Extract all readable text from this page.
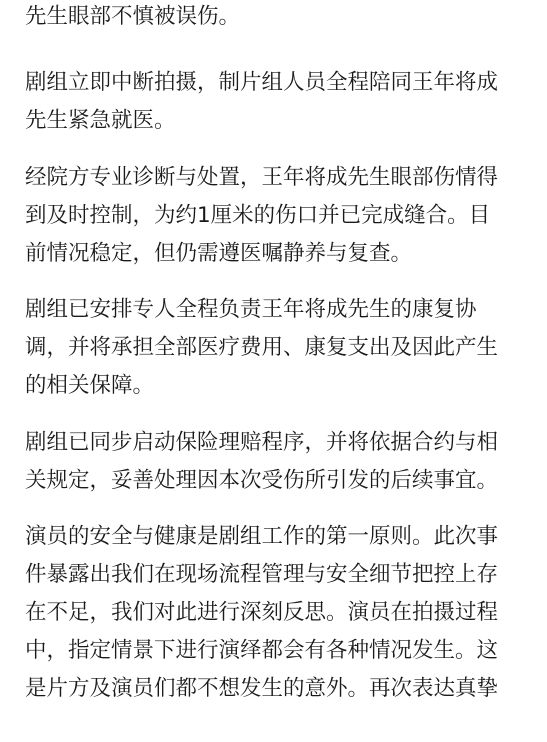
先生眼部不慎被误伤。

剧组立即中断拍摄，制片组人员全程陪同王年将成
先生紧急就医。

经院方专业诊断与处置，王年将成先生眼部伤情得
到及时控制，为约1厘米的伤口并已完成缝合。目
前情况稳定，但仍需遵医嘱静养与复查。

剧组已安排专人全程负责王年将成先生的康复协
调，并将承担全部医疗费用、康复支出及因此产生
的相关保障。

剧组已同步启动保险理赔程序，并将依据合约与相
关规定，妥善处理因本次受伤所引发的后续事宜。

演员的安全与健康是剧组工作的第一原则。此次事
件暴露出我们在现场流程管理与安全细节把控上存
在不足，我们对此进行深刻反思。演员在拍摄过程
中，指定情景下进行演绎都会有各种情况发生。这
是片方及演员们都不想发生的意外。再次表达真挚
